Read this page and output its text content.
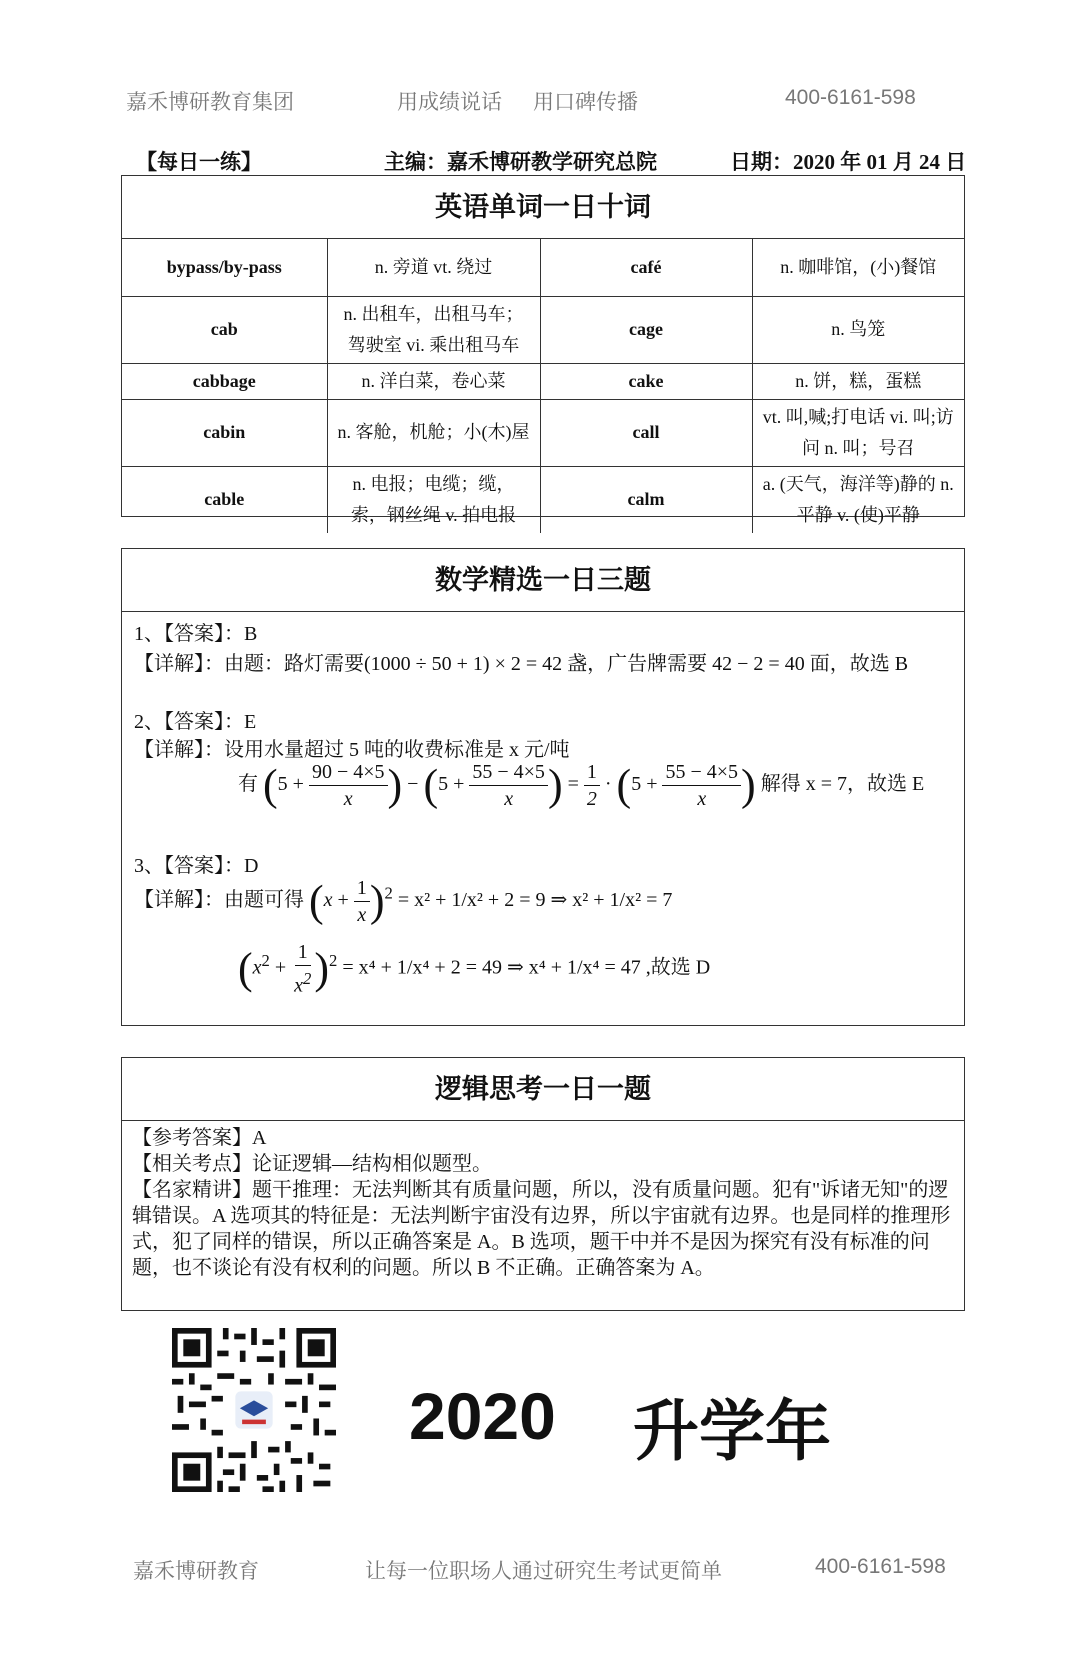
嘉禾博研教育集团	用成绩说话 用口碑传播	400-6161-598
【每日一练】	主编：嘉禾博研教学研究总院	日期：2020 年 01 月 24 日
英语单词一日十词
bypass/by-pass	n. 旁道 vt. 绕过	café	n. 咖啡馆，(小)餐馆
cab	n. 出租车，出租马车；驾驶室 vi. 乘出租马车	cage	n. 鸟笼
cabbage	n. 洋白菜，卷心菜	cake	n. 饼，糕，蛋糕
cabin	n. 客舱，机舱；小(木)屋	call	vt. 叫,喊;打电话 vi. 叫;访问 n. 叫；号召
cable	n. 电报；电缆；缆，索，钢丝绳 v. 拍电报	calm	a. (天气，海洋等)静的 n. 平静 v. (使)平静
数学精选一日三题
1、【答案】：B
【详解】：由题：路灯需要(1000 ÷ 50 + 1) × 2 = 42 盏，广告牌需要 42 − 2 = 40 面，故选 B
2、【答案】：E
【详解】：设用水量超过 5 吨的收费标准是 x 元/吨
有 ($5 + \frac{90 - 4\times 5}{x}$ ) − ($5 + \frac{55 - 4\times 5}{x}$ ) = $\frac{1}{2} \cdot (5 + \frac{55 - 4\times 5}{x}$ ) 解得 x = 7，故选 E
3、【答案】：D
【详解】：由题可得 $(x + \frac{1}{x} )^2 = x^2 + 1/x^2 + 2 = 9$ ⇒ x² + 1/x² = 7
$(x^2 + \frac{1}{x^2} )^2 = x^4 + 1/x^4 + 2 = 49$ ⇒ x⁴ + 1/x⁴ = 47 ,故选 D
逻辑思考一日一题
【参考答案】A
【相关考点】论证逻辑—结构相似题型。
【名家精讲】题干推理：无法判断其有质量问题，所以，没有质量问题。犯有"诉诸无知"的逻辑错误。A 选项其的特征是：无法判断宇宙没有边界，所以宇宙就有边界。也是同样的推理形式，犯了同样的错误，所以正确答案是 A。B 选项，题干中并不是因为探究有没有标准的问题，也不谈论有没有权利的问题。所以 B 不正确。正确答案为 A。
2020 升学年
嘉禾博研教育	让每一位职场人通过研究生考试更简单	400-6161-598
